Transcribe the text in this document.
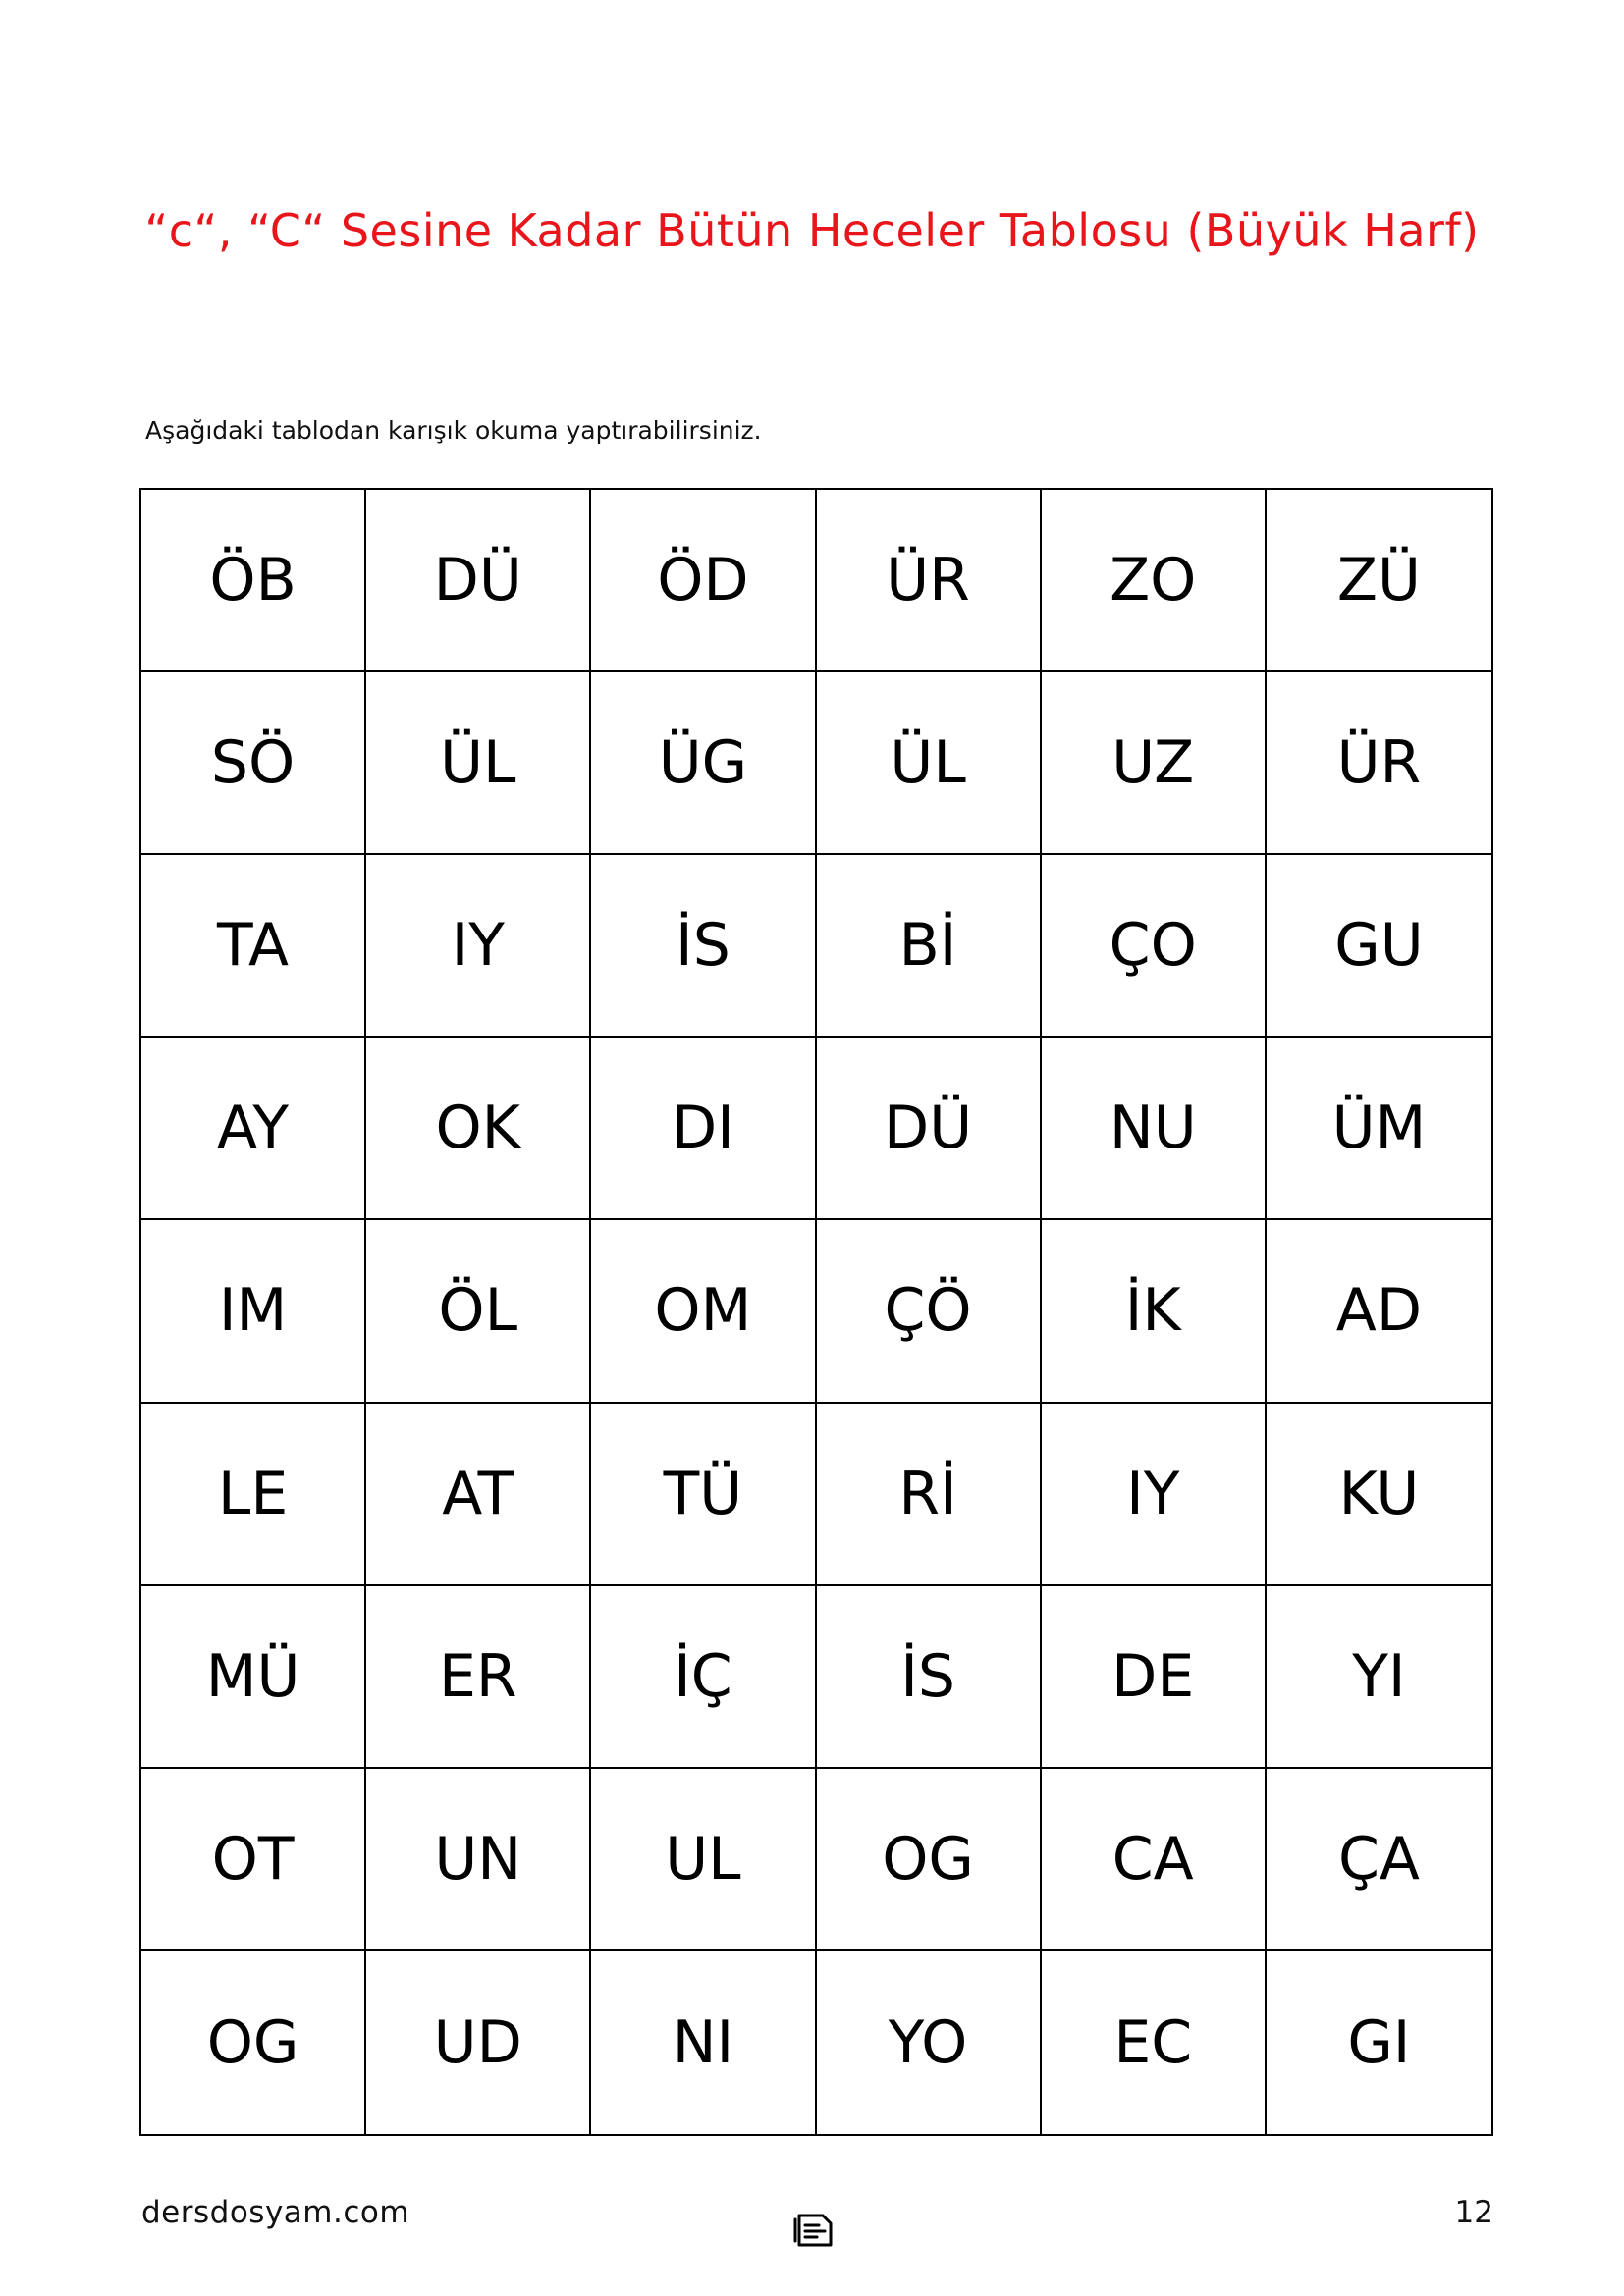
“c“, “C“ Sesine Kadar Bütün Heceler Tablosu (Büyük Harf)
Aşağıdaki tablodan karışık okuma yaptırabilirsiniz.
ÖB	DÜ	ÖD	ÜR	ZO	ZÜ
SÖ	ÜL	ÜG	ÜL	UZ	ÜR
TA	IY	İS	Bİ	ÇO	GU
AY	OK	DI	DÜ	NU	ÜM
IM	ÖL	OM	ÇÖ	İK	AD
LE	AT	TÜ	Rİ	IY	KU
MÜ	ER	İÇ	İS	DE	YI
OT	UN	UL	OG	CA	ÇA
OG	UD	NI	YO	EC	GI
dersdosyam.com	12
